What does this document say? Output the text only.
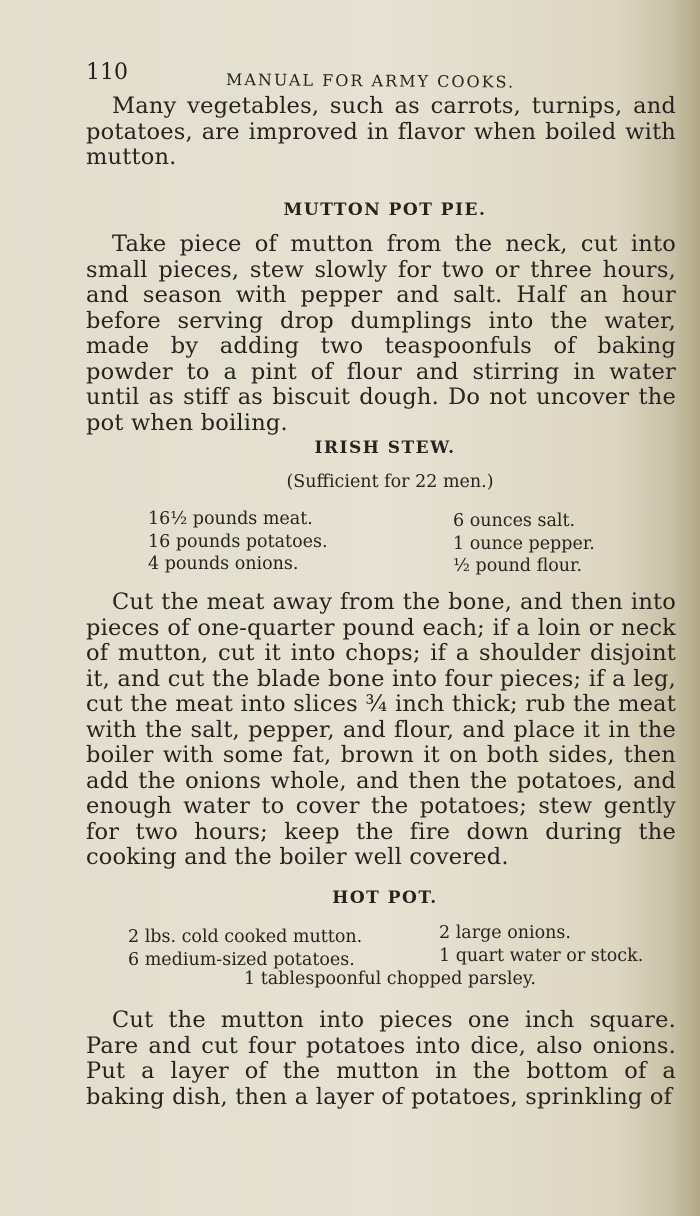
110	MANUAL FOR ARMY COOKS.

Many vegetables, such as carrots, turnips, and potatoes, are improved in flavor when boiled with mutton.

MUTTON POT PIE.

Take piece of mutton from the neck, cut into small pieces, stew slowly for two or three hours, and season with pepper and salt. Half an hour before serving drop dumplings into the water, made by adding two teaspoonfuls of baking powder to a pint of flour and stirring in water until as stiff as biscuit dough. Do not uncover the pot when boiling.

IRISH STEW.
(Sufficient for 22 men.)
16½ pounds meat.
16 pounds potatoes.
4 pounds onions.
6 ounces salt.
1 ounce pepper.
½ pound flour.

Cut the meat away from the bone, and then into pieces of one-quarter pound each; if a loin or neck of mutton, cut it into chops; if a shoulder disjoint it, and cut the blade bone into four pieces; if a leg, cut the meat into slices ¾ inch thick; rub the meat with the salt, pepper, and flour, and place it in the boiler with some fat, brown it on both sides, then add the onions whole, and then the potatoes, and enough water to cover the potatoes; stew gently for two hours; keep the fire down during the cooking and the boiler well covered.

HOT POT.
2 lbs. cold cooked mutton.
6 medium-sized potatoes.
2 large onions.
1 quart water or stock.
1 tablespoonful chopped parsley.

Cut the mutton into pieces one inch square. Pare and cut four potatoes into dice, also onions. Put a layer of the mutton in the bottom of a baking dish, then a layer of potatoes, sprinkling of
